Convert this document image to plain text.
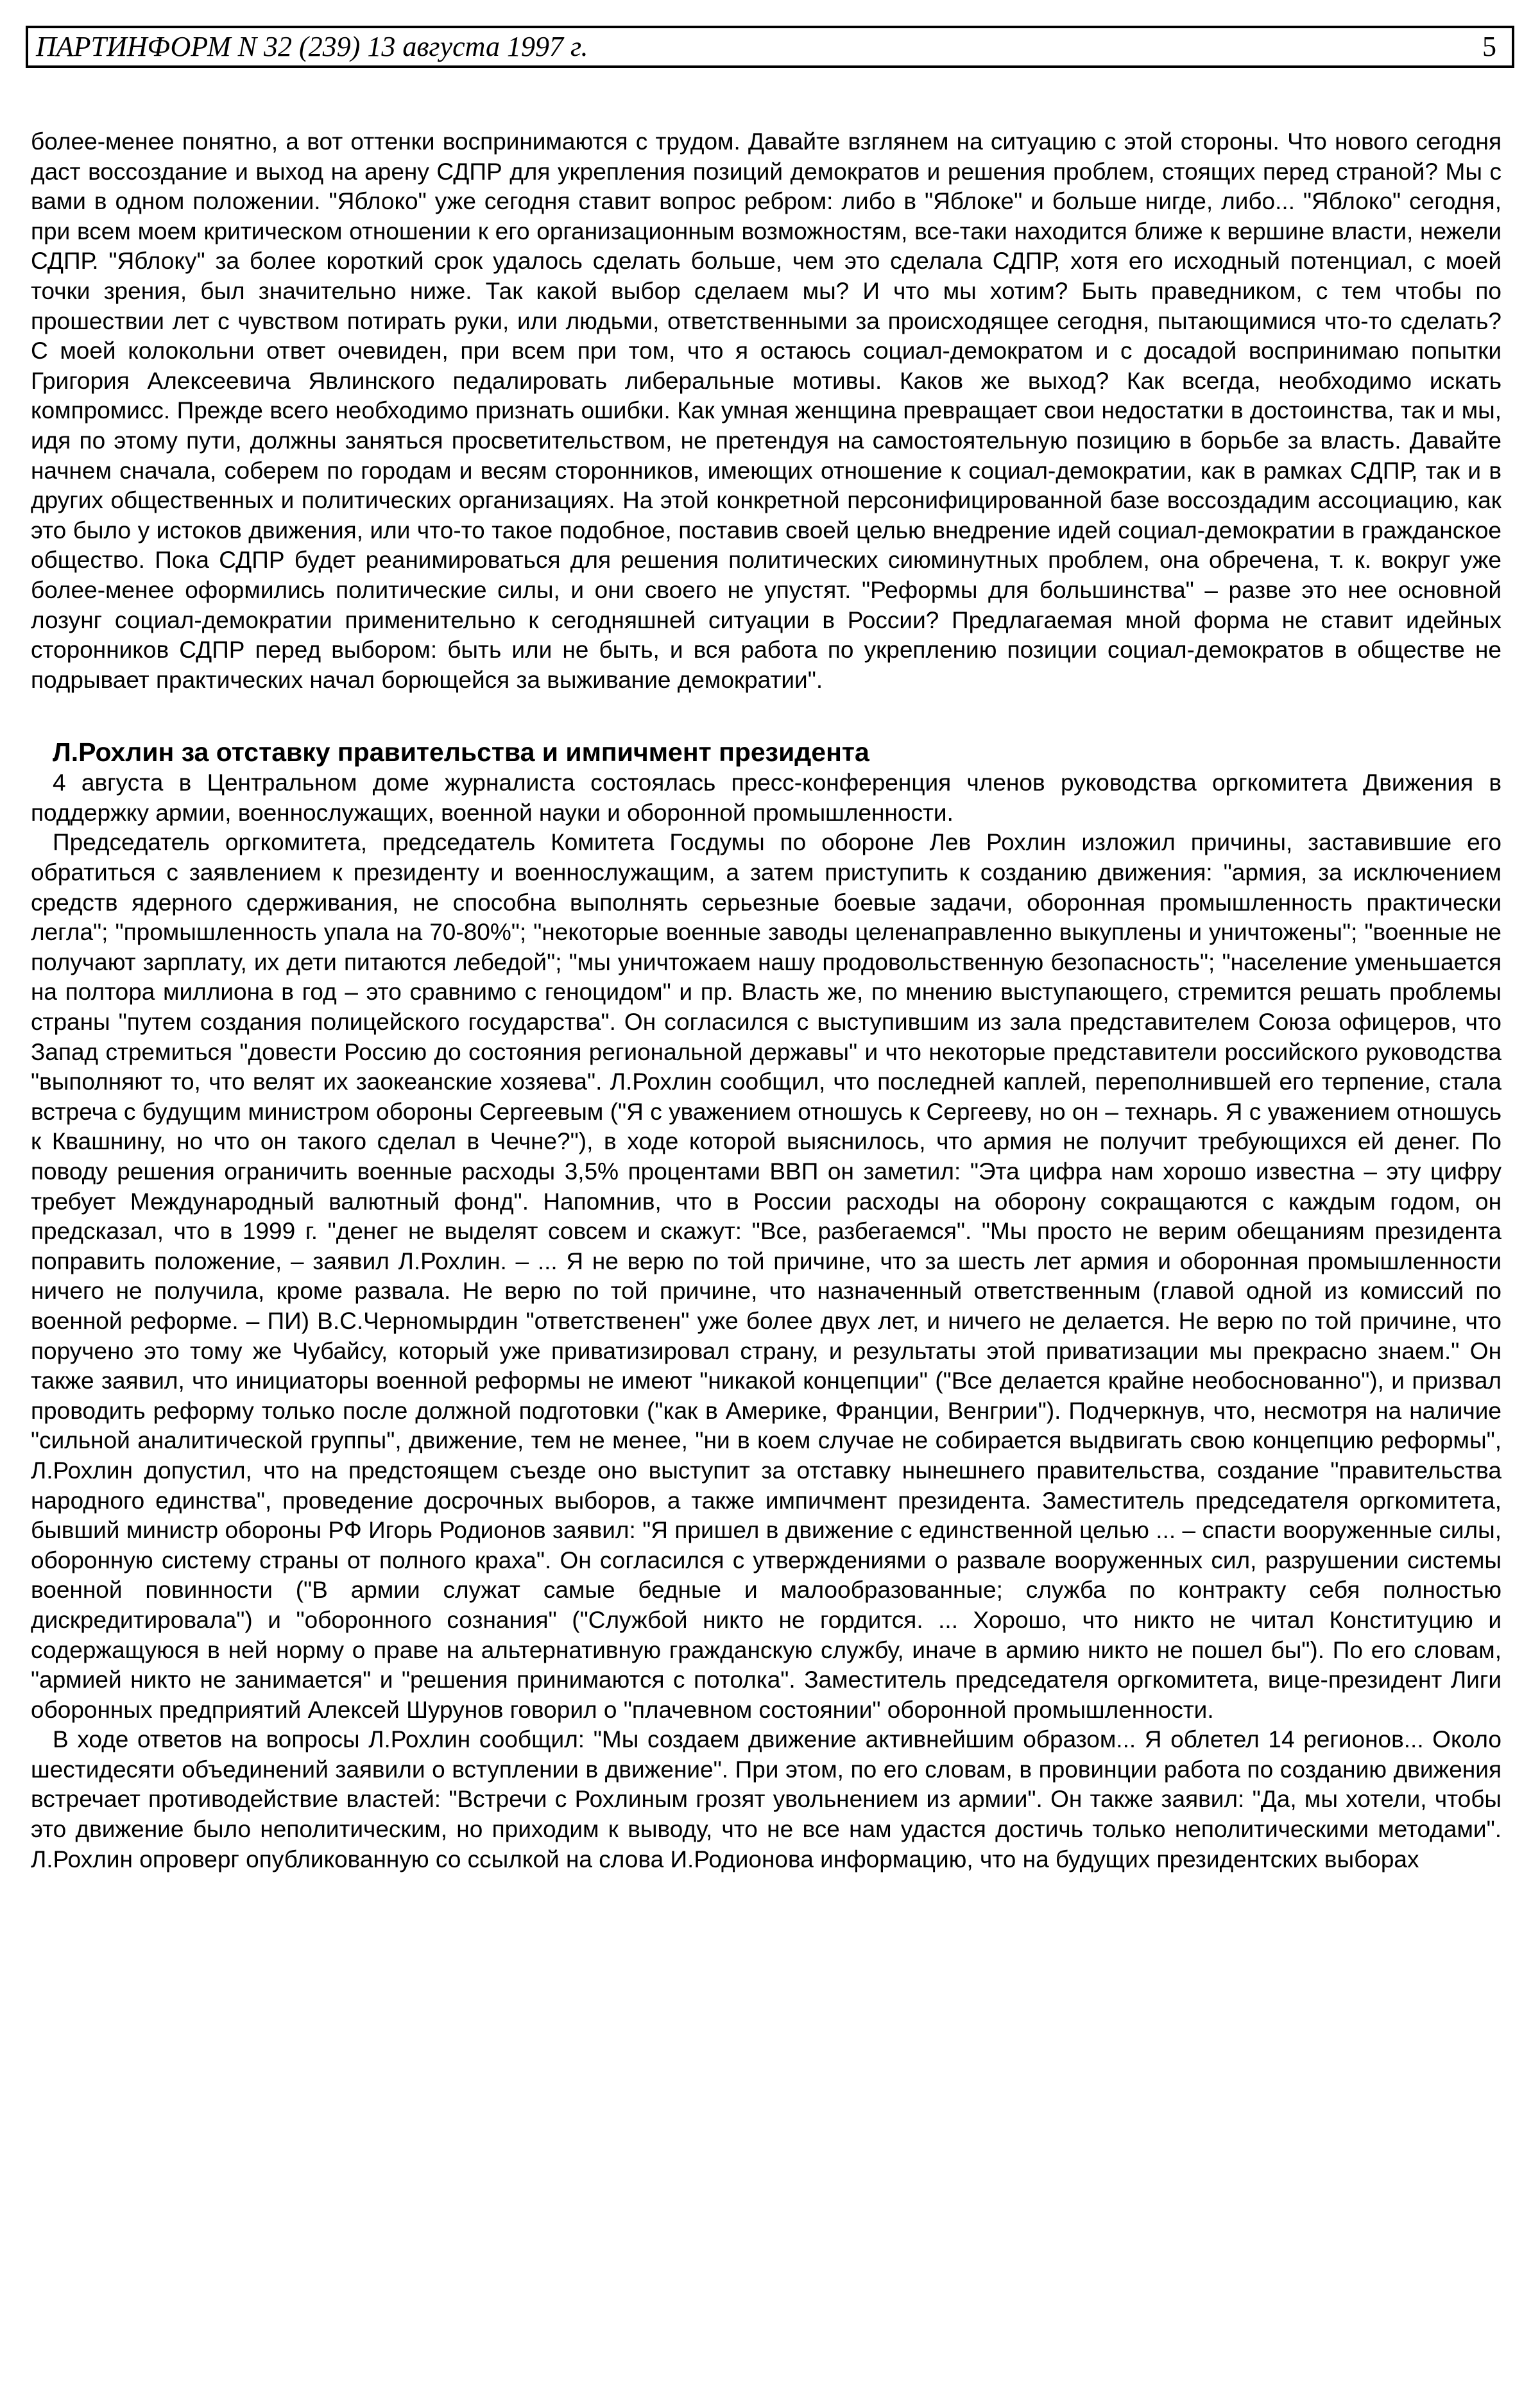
ПАРТИНФОРМ N 32 (239) 13 августа 1997 г.	5

более-менее понятно, а вот оттенки воспринимаются с трудом. Давайте взглянем на ситуацию с этой стороны. Что нового сегодня даст воссоздание и выход на арену СДПР для укрепления позиций демократов и решения проблем, стоящих перед страной? Мы с вами в одном положении. "Яблоко" уже сегодня ставит вопрос ребром: либо в "Яблоке" и больше нигде, либо... "Яблоко" сегодня, при всем моем критическом отношении к его организационным возможностям, все-таки находится ближе к вершине власти, нежели СДПР. "Яблоку" за более короткий срок удалось сделать больше, чем это сделала СДПР, хотя его исходный потенциал, с моей точки зрения, был значительно ниже. Так какой выбор сделаем мы? И что мы хотим? Быть праведником, с тем чтобы по прошествии лет с чувством потирать руки, или людьми, ответственными за происходящее сегодня, пытающимися что-то сделать? С моей колокольни ответ очевиден, при всем при том, что я остаюсь социал-демократом и с досадой воспринимаю попытки Григория Алексеевича Явлинского педалировать либеральные мотивы. Каков же выход? Как всегда, необходимо искать компромисс. Прежде всего необходимо признать ошибки. Как умная женщина превращает свои недостатки в достоинства, так и мы, идя по этому пути, должны заняться просветительством, не претендуя на самостоятельную позицию в борьбе за власть. Давайте начнем сначала, соберем по городам и весям сторонников, имеющих отношение к социал-демократии, как в рамках СДПР, так и в других общественных и политических организациях. На этой конкретной персонифицированной базе воссоздадим ассоциацию, как это было у истоков движения, или что-то такое подобное, поставив своей целью внедрение идей социал-демократии в гражданское общество. Пока СДПР будет реанимироваться для решения политических сиюминутных проблем, она обречена, т. к. вокруг уже более-менее оформились политические силы, и они своего не упустят. "Реформы для большинства" – разве это нее основной лозунг социал-демократии применительно к сегодняшней ситуации в России? Предлагаемая мной форма не ставит идейных сторонников СДПР перед выбором: быть или не быть, и вся работа по укреплению позиции социал-демократов в обществе не подрывает практических начал борющейся за выживание демократии".

Л.Рохлин за отставку правительства и импичмент президента

4 августа в Центральном доме журналиста состоялась пресс-конференция членов руководства оргкомитета Движения в поддержку армии, военнослужащих, военной науки и оборонной промышленности.

Председатель оргкомитета, председатель Комитета Госдумы по обороне Лев Рохлин изложил причины, заставившие его обратиться с заявлением к президенту и военнослужащим, а затем приступить к созданию движения: "армия, за исключением средств ядерного сдерживания, не способна выполнять серьезные боевые задачи, оборонная промышленность практически легла"; "промышленность упала на 70-80%"; "некоторые военные заводы целенаправленно выкуплены и уничтожены"; "военные не получают зарплату, их дети питаются лебедой"; "мы уничтожаем нашу продовольственную безопасность"; "население уменьшается на полтора миллиона в год – это сравнимо с геноцидом" и пр. Власть же, по мнению выступающего, стремится решать проблемы страны "путем создания полицейского государства". Он согласился с выступившим из зала представителем Союза офицеров, что Запад стремиться "довести Россию до состояния региональной державы" и что некоторые представители российского руководства "выполняют то, что велят их заокеанские хозяева". Л.Рохлин сообщил, что последней каплей, переполнившей его терпение, стала встреча с будущим министром обороны Сергеевым ("Я с уважением отношусь к Сергееву, но он – технарь. Я с уважением отношусь к Квашнину, но что он такого сделал в Чечне?"), в ходе которой выяснилось, что армия не получит требующихся ей денег. По поводу решения ограничить военные расходы 3,5% процентами ВВП он заметил: "Эта цифра нам хорошо известна – эту цифру требует Международный валютный фонд". Напомнив, что в России расходы на оборону сокращаются с каждым годом, он предсказал, что в 1999 г. "денег не выделят совсем и скажут: "Все, разбегаемся". "Мы просто не верим обещаниям президента поправить положение, – заявил Л.Рохлин. – ... Я не верю по той причине, что за шесть лет армия и оборонная промышленности ничего не получила, кроме развала. Не верю по той причине, что назначенный ответственным (главой одной из комиссий по военной реформе. – ПИ) В.С.Черномырдин "ответственен" уже более двух лет, и ничего не делается. Не верю по той причине, что поручено это тому же Чубайсу, который уже приватизировал страну, и результаты этой приватизации мы прекрасно знаем." Он также заявил, что инициаторы военной реформы не имеют "никакой концепции" ("Все делается крайне необоснованно"), и призвал проводить реформу только после должной подготовки ("как в Америке, Франции, Венгрии"). Подчеркнув, что, несмотря на наличие "сильной аналитической группы", движение, тем не менее, "ни в коем случае не собирается выдвигать свою концепцию реформы", Л.Рохлин допустил, что на предстоящем съезде оно выступит за отставку нынешнего правительства, создание "правительства народного единства", проведение досрочных выборов, а также импичмент президента. Заместитель председателя оргкомитета, бывший министр обороны РФ Игорь Родионов заявил: "Я пришел в движение с единственной целью ... – спасти вооруженные силы, оборонную систему страны от полного краха". Он согласился с утверждениями о развале вооруженных сил, разрушении системы военной повинности ("В армии служат самые бедные и малообразованные; служба по контракту себя полностью дискредитировала") и "оборонного сознания" ("Службой никто не гордится. ... Хорошо, что никто не читал Конституцию и содержащуюся в ней норму о праве на альтернативную гражданскую службу, иначе в армию никто не пошел бы"). По его словам, "армией никто не занимается" и "решения принимаются с потолка". Заместитель председателя оргкомитета, вице-президент Лиги оборонных предприятий Алексей Шурунов говорил о "плачевном состоянии" оборонной промышленности.

В ходе ответов на вопросы Л.Рохлин сообщил: "Мы создаем движение активнейшим образом... Я облетел 14 регионов... Около шестидесяти объединений заявили о вступлении в движение". При этом, по его словам, в провинции работа по созданию движения встречает противодействие властей: "Встречи с Рохлиным грозят увольнением из армии". Он также заявил: "Да, мы хотели, чтобы это движение было неполитическим, но приходим к выводу, что не все нам удастся достичь только неполитическими методами". Л.Рохлин опроверг опубликованную со ссылкой на слова И.Родионова информацию, что на будущих президентских выборах
